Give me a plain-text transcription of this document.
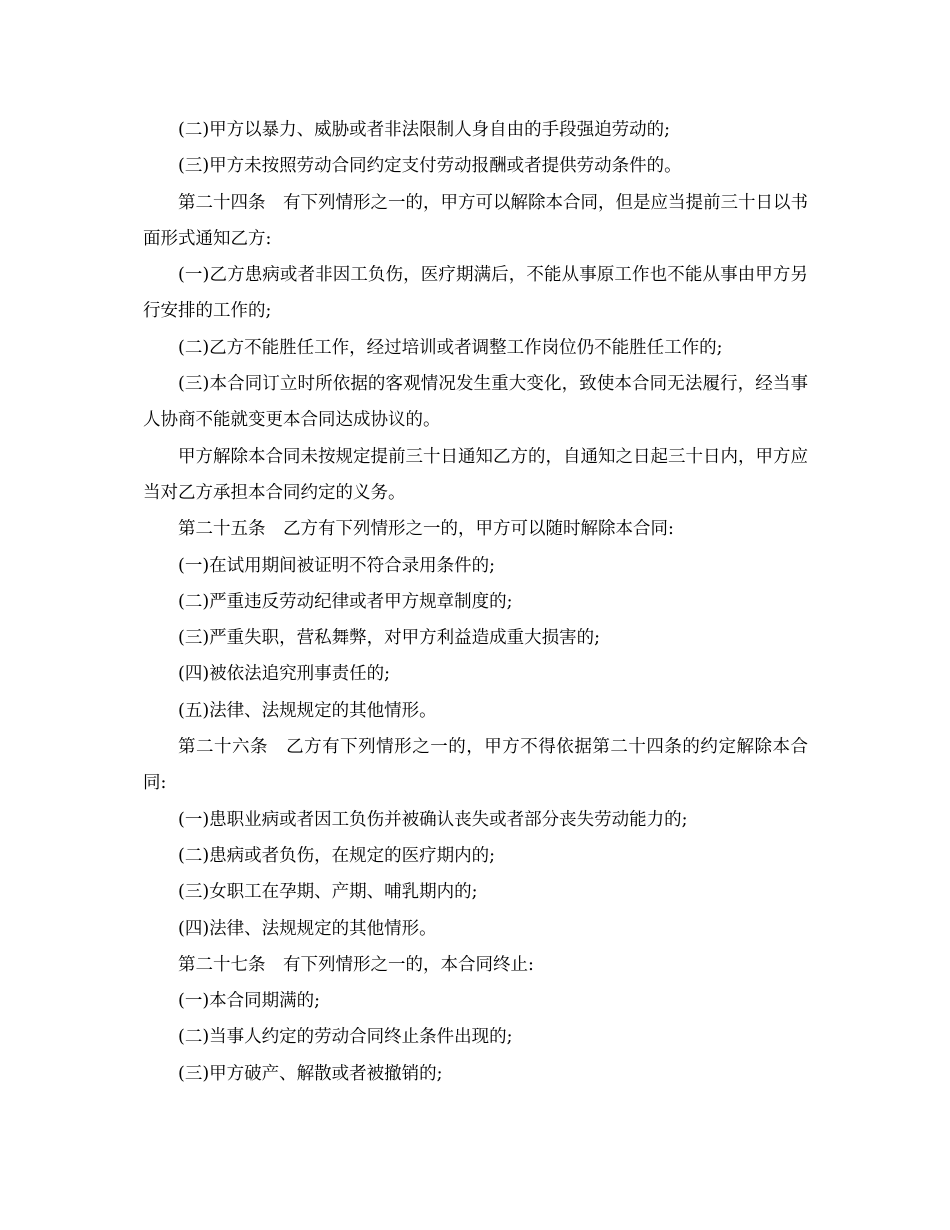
(二)甲方以暴力、威胁或者非法限制人身自由的手段强迫劳动的;

(三)甲方未按照劳动合同约定支付劳动报酬或者提供劳动条件的。

第二十四条　有下列情形之一的，甲方可以解除本合同，但是应当提前三十日以书面形式通知乙方:

(一)乙方患病或者非因工负伤，医疗期满后，不能从事原工作也不能从事由甲方另行安排的工作的;

(二)乙方不能胜任工作，经过培训或者调整工作岗位仍不能胜任工作的;

(三)本合同订立时所依据的客观情况发生重大变化，致使本合同无法履行，经当事人协商不能就变更本合同达成协议的。

甲方解除本合同未按规定提前三十日通知乙方的，自通知之日起三十日内，甲方应当对乙方承担本合同约定的义务。

第二十五条　乙方有下列情形之一的，甲方可以随时解除本合同:

(一)在试用期间被证明不符合录用条件的;

(二)严重违反劳动纪律或者甲方规章制度的;

(三)严重失职，营私舞弊，对甲方利益造成重大损害的;

(四)被依法追究刑事责任的;

(五)法律、法规规定的其他情形。

第二十六条　乙方有下列情形之一的，甲方不得依据第二十四条的约定解除本合同:

(一)患职业病或者因工负伤并被确认丧失或者部分丧失劳动能力的;

(二)患病或者负伤，在规定的医疗期内的;

(三)女职工在孕期、产期、哺乳期内的;

(四)法律、法规规定的其他情形。

第二十七条　有下列情形之一的，本合同终止:

(一)本合同期满的;

(二)当事人约定的劳动合同终止条件出现的;

(三)甲方破产、解散或者被撤销的;
